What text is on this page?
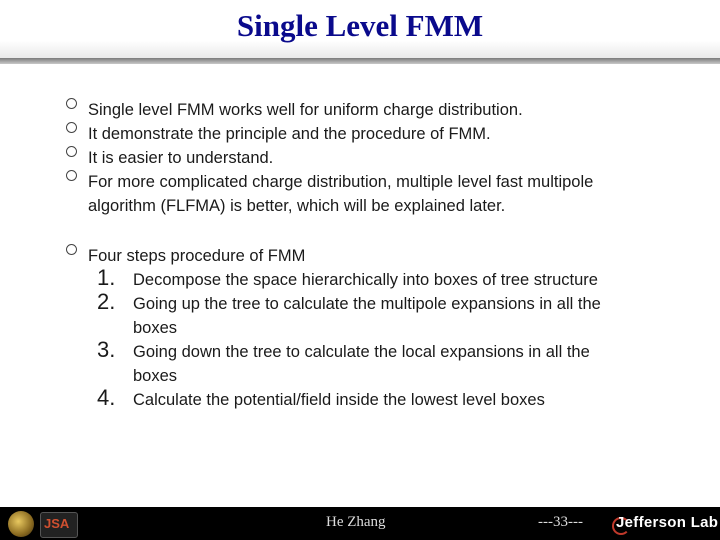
Single Level FMM
Single level FMM works well for uniform charge distribution.
It demonstrate the principle and the procedure of FMM.
It is easier to understand.
For more complicated charge distribution, multiple level fast multipole
algorithm (FLFMA) is better, which will be explained later.
Four steps procedure of FMM
1. Decompose the space hierarchically into boxes of tree structure
2. Going up the tree to calculate the multipole expansions in all the
boxes
3. Going down the tree to calculate the local expansions in all the
boxes
4. Calculate the potential/field inside the lowest level boxes
JSA	He Zhang	---33--- Jefferson Lab
